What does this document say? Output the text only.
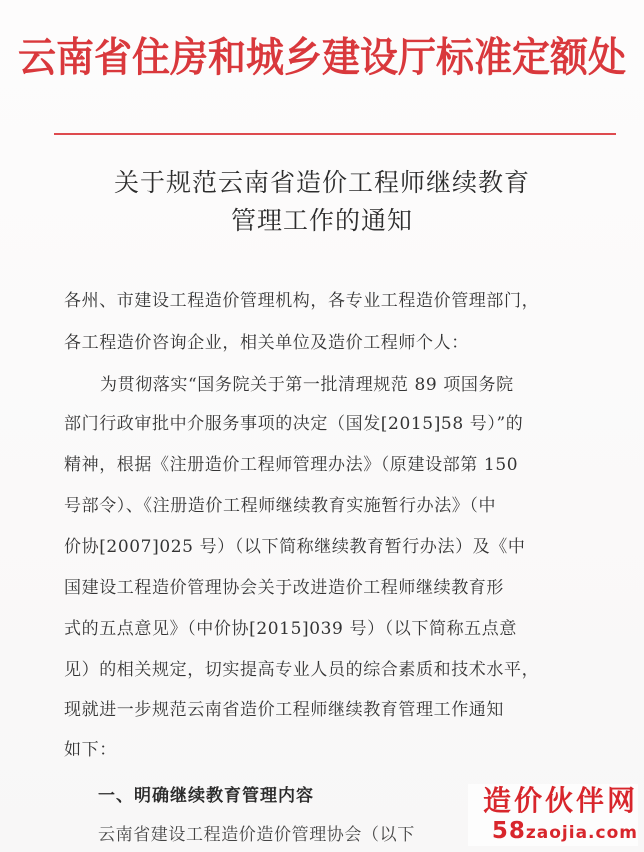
云南省住房和城乡建设厅标准定额处
关于规范云南省造价工程师继续教育
管理工作的通知
各州、市建设工程造价管理机构，各专业工程造价管理部门，
各工程造价咨询企业，相关单位及造价工程师个人：
为贯彻落实“国务院关于第一批清理规范 89 项国务院
部门行政审批中介服务事项的决定（国发[2015]58 号）”的
精神，根据《注册造价工程师管理办法》（原建设部第 150
号部令）、《注册造价工程师继续教育实施暂行办法》（中
价协[2007]025 号）（以下简称继续教育暂行办法）及《中
国建设工程造价管理协会关于改进造价工程师继续教育形
式的五点意见》（中价协[2015]039 号）（以下简称五点意
见）的相关规定，切实提高专业人员的综合素质和技术水平，
现就进一步规范云南省造价工程师继续教育管理工作通知
如下：
一、明确继续教育管理内容
云南省建设工程造价造价管理协会（以下
造价伙伴网
58zaojia.com
